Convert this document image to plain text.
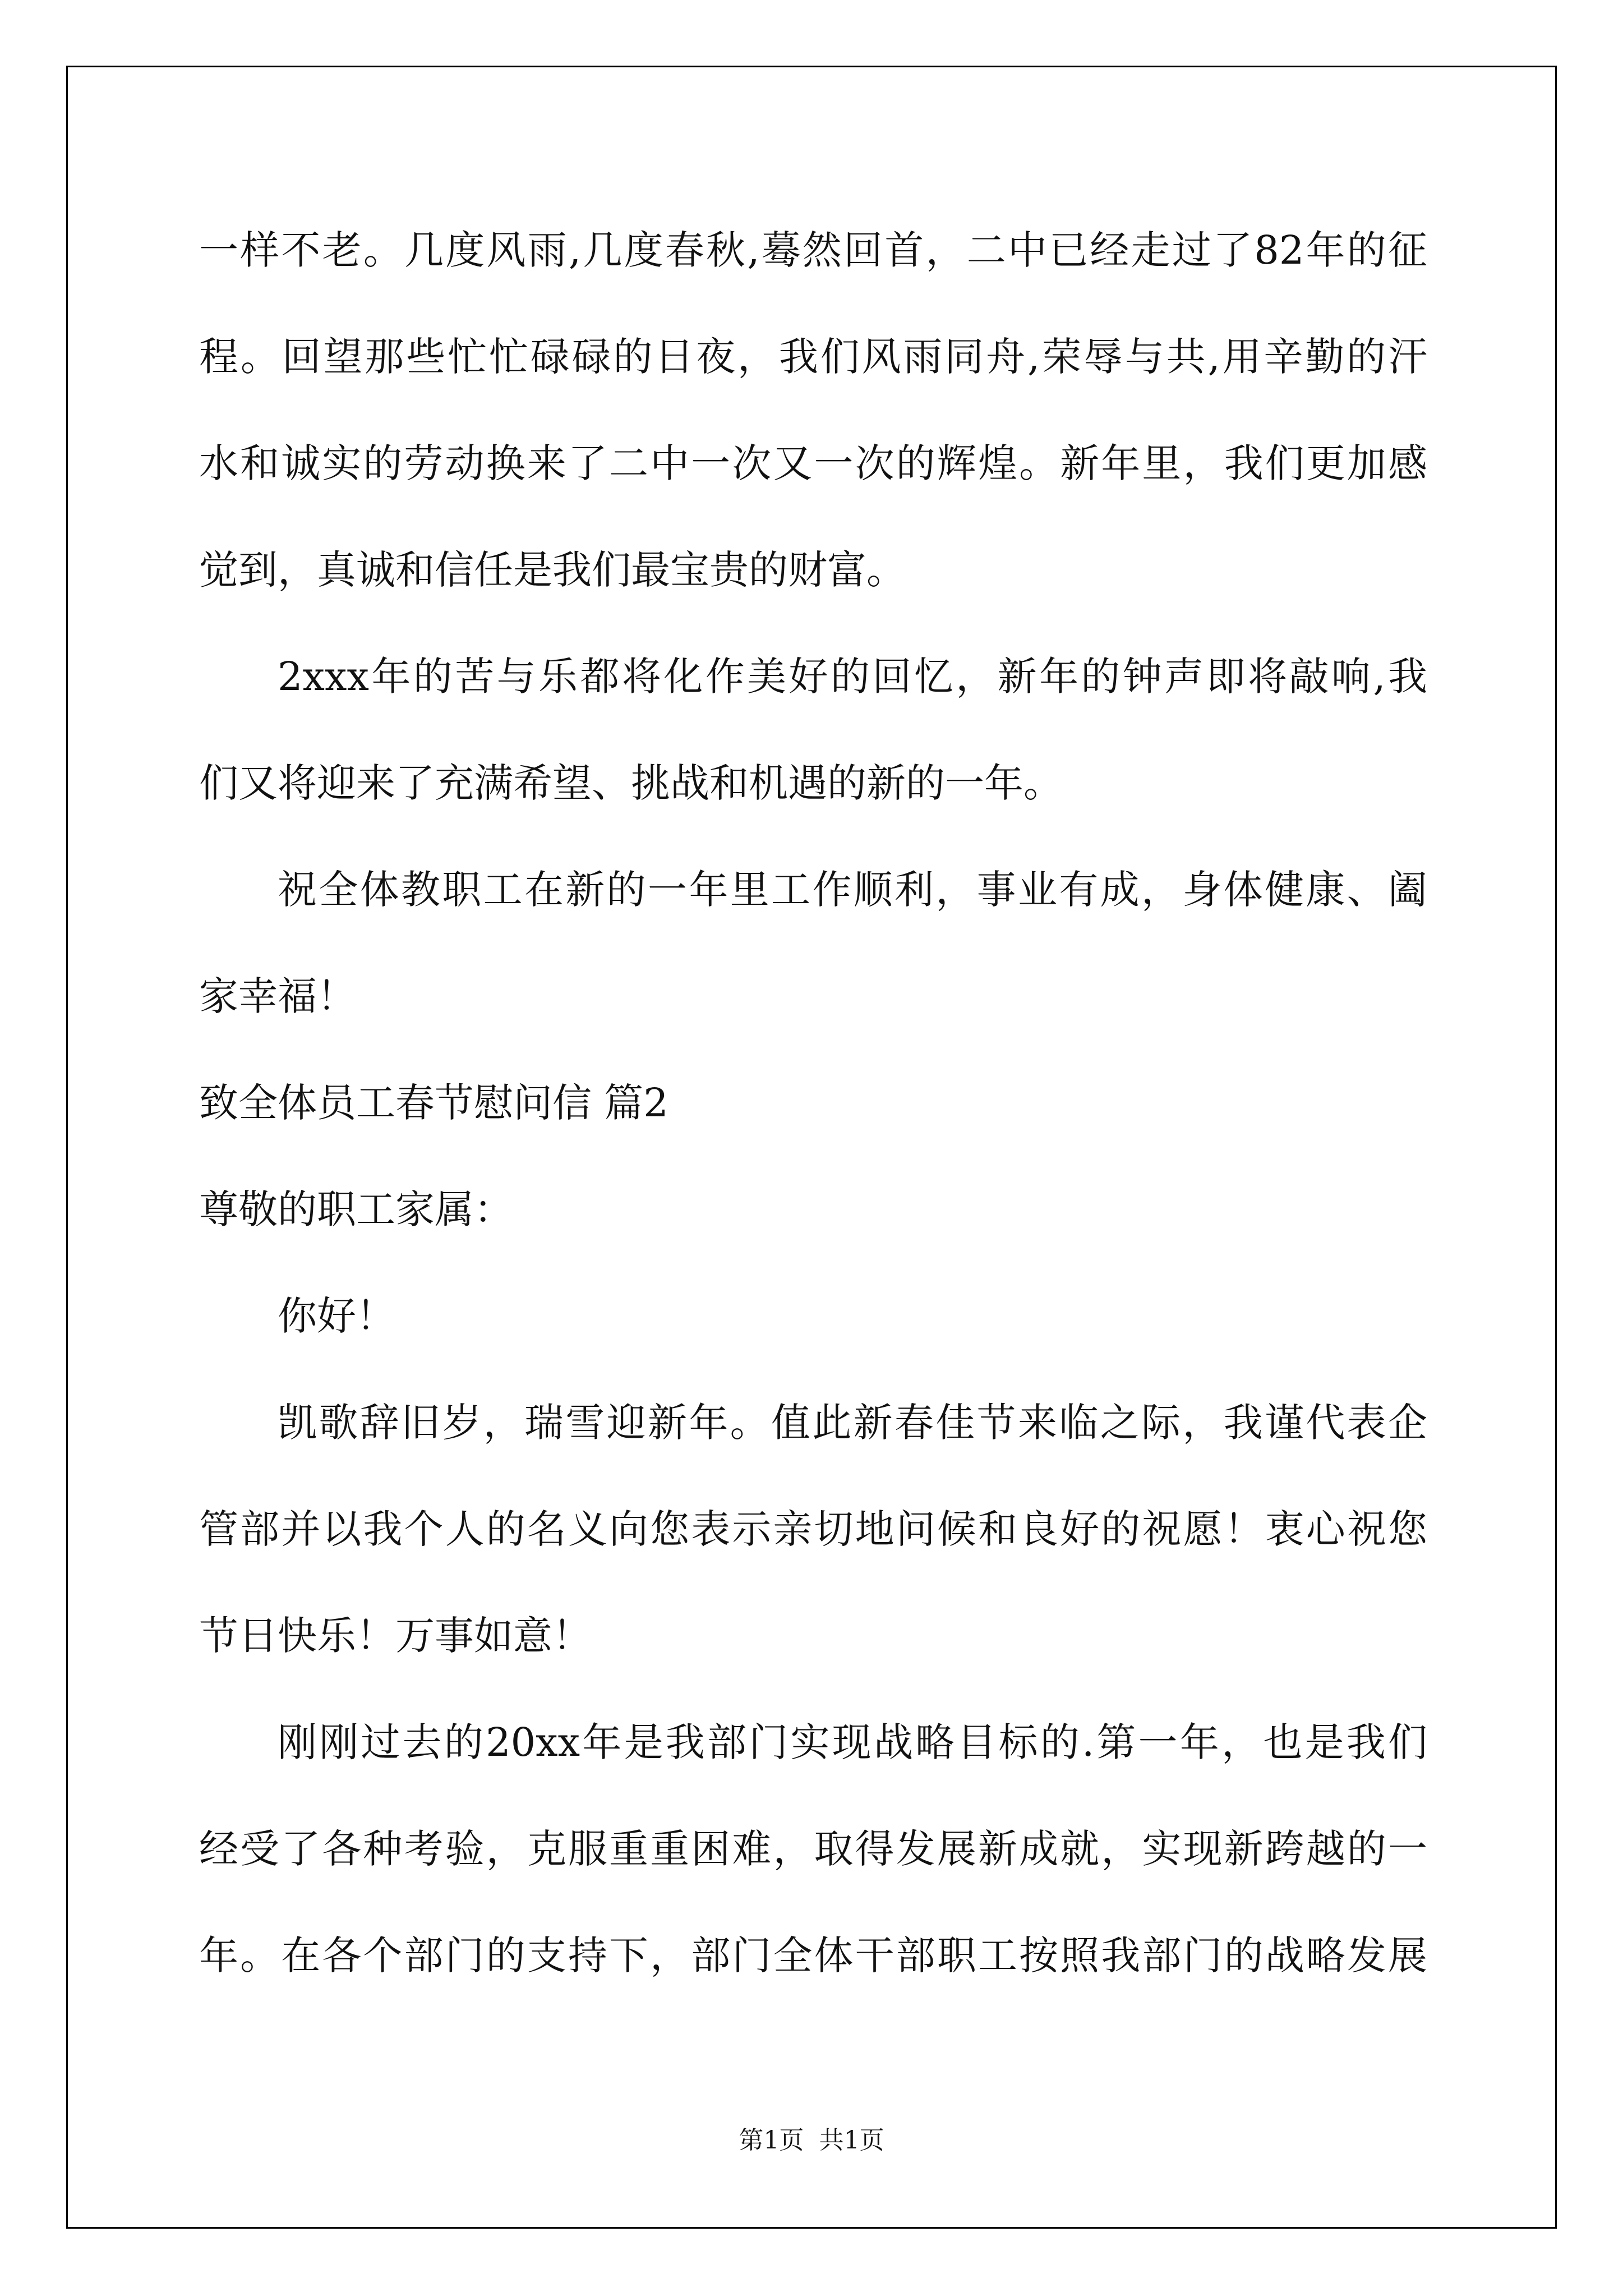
一样不老。几度风雨,几度春秋,蓦然回首，二中已经走过了82年的征

程。回望那些忙忙碌碌的日夜，我们风雨同舟,荣辱与共,用辛勤的汗

水和诚实的劳动换来了二中一次又一次的辉煌。新年里，我们更加感

觉到，真诚和信任是我们最宝贵的财富。

2xxx年的苦与乐都将化作美好的回忆，新年的钟声即将敲响,我

们又将迎来了充满希望、挑战和机遇的新的一年。

祝全体教职工在新的一年里工作顺利，事业有成，身体健康、阖

家幸福！

致全体员工春节慰问信 篇2

尊敬的职工家属：

你好！

凯歌辞旧岁，瑞雪迎新年。值此新春佳节来临之际，我谨代表企

管部并以我个人的名义向您表示亲切地问候和良好的祝愿！衷心祝您

节日快乐！万事如意！

刚刚过去的20xx年是我部门实现战略目标的.第一年，也是我们

经受了各种考验，克服重重困难，取得发展新成就，实现新跨越的一

年。在各个部门的支持下，部门全体干部职工按照我部门的战略发展

第1页 共1页
